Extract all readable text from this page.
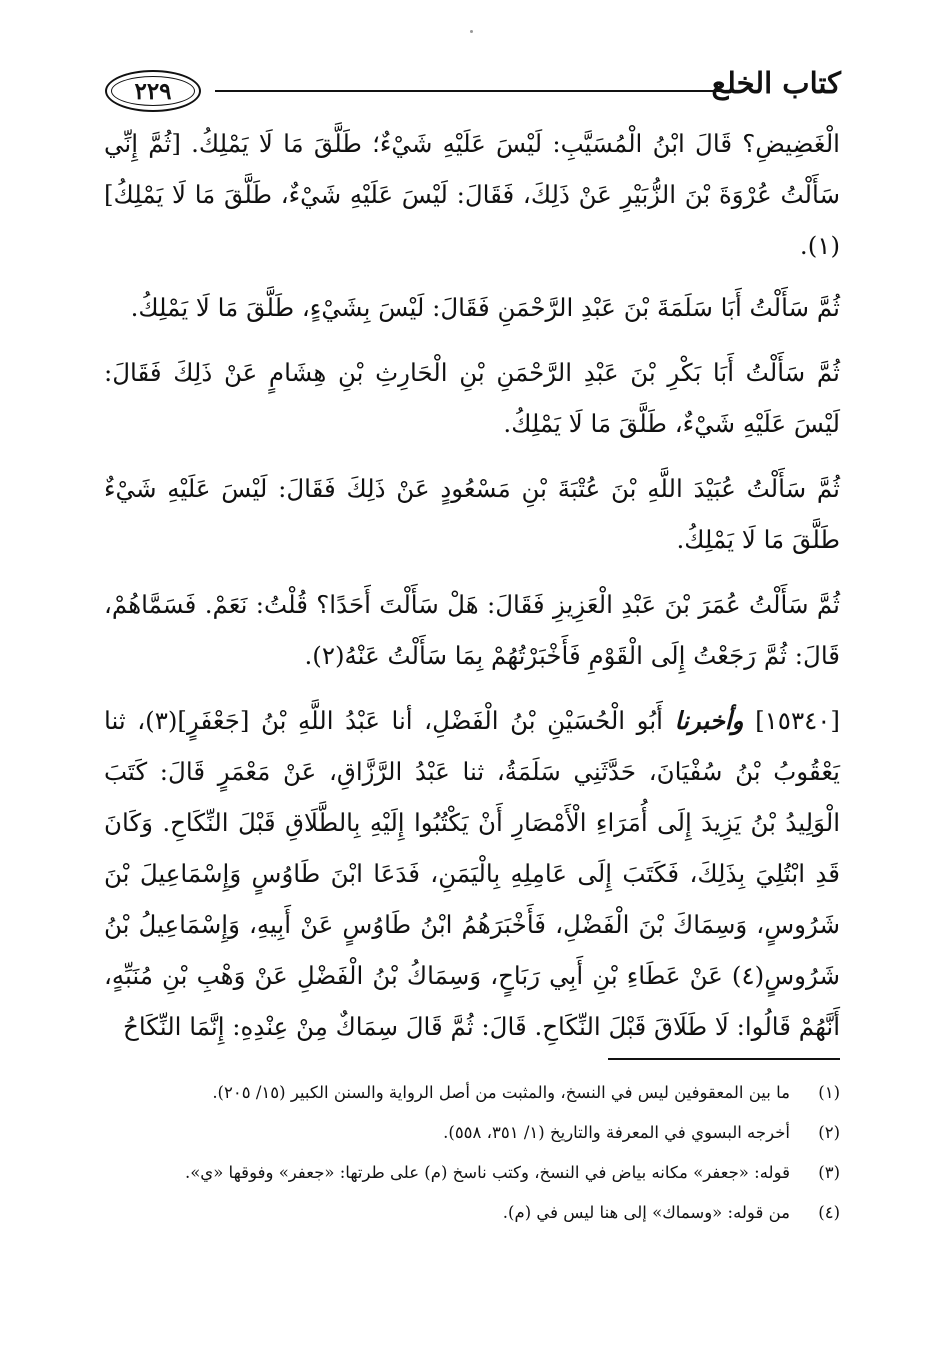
٢٢٩	كتاب الخلع

الْغَضِيضِ؟ قَالَ ابْنُ الْمُسَيَّبِ: لَيْسَ عَلَيْهِ شَيْءٌ؛ طَلَّقَ مَا لَا يَمْلِكُ. [ثُمَّ إِنِّي سَأَلْتُ عُرْوَةَ بْنَ الزُّبَيْرِ عَنْ ذَلِكَ، فَقَالَ: لَيْسَ عَلَيْهِ شَيْءٌ، طَلَّقَ مَا لَا يَمْلِكُ](١).

ثُمَّ سَأَلْتُ أَبَا سَلَمَةَ بْنَ عَبْدِ الرَّحْمَنِ فَقَالَ: لَيْسَ بِشَيْءٍ، طَلَّقَ مَا لَا يَمْلِكُ.

ثُمَّ سَأَلْتُ أَبَا بَكْرِ بْنَ عَبْدِ الرَّحْمَنِ بْنِ الْحَارِثِ بْنِ هِشَامٍ عَنْ ذَلِكَ فَقَالَ: لَيْسَ عَلَيْهِ شَيْءٌ، طَلَّقَ مَا لَا يَمْلِكُ.

ثُمَّ سَأَلْتُ عُبَيْدَ اللَّهِ بْنَ عُتْبَةَ بْنِ مَسْعُودٍ عَنْ ذَلِكَ فَقَالَ: لَيْسَ عَلَيْهِ شَيْءٌ طَلَّقَ مَا لَا يَمْلِكُ.

ثُمَّ سَأَلْتُ عُمَرَ بْنَ عَبْدِ الْعَزِيزِ فَقَالَ: هَلْ سَأَلْتَ أَحَدًا؟ قُلْتُ: نَعَمْ. فَسَمَّاهُمْ، قَالَ: ثُمَّ رَجَعْتُ إِلَى الْقَوْمِ فَأَخْبَرْتُهُمْ بِمَا سَأَلْتُ عَنْهُ(٢).

[١٥٣٤٠] وأخبرنا أَبُو الْحُسَيْنِ بْنُ الْفَضْلِ، أنا عَبْدُ اللَّهِ بْنُ [جَعْفَرٍ](٣)، ثنا يَعْقُوبُ بْنُ سُفْيَانَ، حَدَّثَنِي سَلَمَةُ، ثنا عَبْدُ الرَّزَّاقِ، عَنْ مَعْمَرٍ قَالَ: كَتَبَ الْوَلِيدُ بْنُ يَزِيدَ إِلَى أُمَرَاءِ الْأَمْصَارِ أَنْ يَكْتُبُوا إِلَيْهِ بِالطَّلَاقِ قَبْلَ النِّكَاحِ. وَكَانَ قَدِ ابْتُلِيَ بِذَلِكَ، فَكَتَبَ إِلَى عَامِلِهِ بِالْيَمَنِ، فَدَعَا ابْنَ طَاوُسٍ وَإِسْمَاعِيلَ بْنَ شَرُوسٍ، وَسِمَاكَ بْنَ الْفَضْلِ، فَأَخْبَرَهُمُ ابْنُ طَاوُسٍ عَنْ أَبِيهِ، وَإِسْمَاعِيلُ بْنُ شَرُوسٍ(٤) عَنْ عَطَاءِ بْنِ أَبِي رَبَاحٍ، وَسِمَاكُ بْنُ الْفَضْلِ عَنْ وَهْبِ بْنِ مُنَبِّهٍ، أَنَّهُمْ قَالُوا: لَا طَلَاقَ قَبْلَ النِّكَاحِ. قَالَ: ثُمَّ قَالَ سِمَاكٌ مِنْ عِنْدِهِ: إِنَّمَا النِّكَاحُ

(١)
ما بين المعقوفين ليس في النسخ، والمثبت من أصل الرواية والسنن الكبير (١٥/ ٢٠٥).
(٢)
أخرجه البسوي في المعرفة والتاريخ (١/ ٣٥١، ٥٥٨).
(٣)
قوله: «جعفر» مكانه بياض في النسخ، وكتب ناسخ (م) على طرتها: «جعفر» وفوقها «ي».
(٤)
من قوله: «وسماك» إلى هنا ليس في (م).
